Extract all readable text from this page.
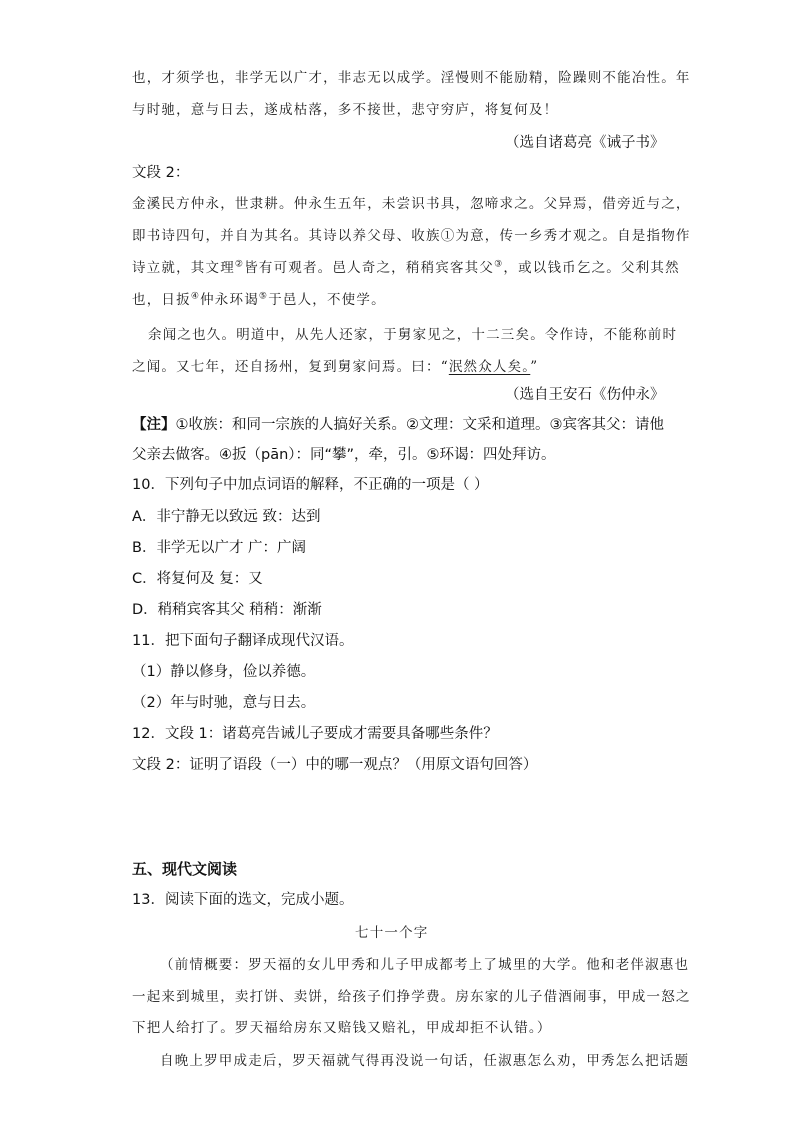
也，才须学也，非学无以广才，非志无以成学。淫慢则不能励精，险躁则不能冶性。年
与时驰，意与日去，遂成枯落，多不接世，悲守穷庐，将复何及！
（选自诸葛亮《诫子书》
文段 2：
金溪民方仲永，世隶耕。仲永生五年，未尝识书具，忽啼求之。父异焉，借旁近与之，
即书诗四句，并自为其名。其诗以养父母、收族①为意，传一乡秀才观之。自是指物作
诗立就，其文理②皆有可观者。邑人奇之，稍稍宾客其父③，或以钱币乞之。父利其然
也，日扳④仲永环谒⑤于邑人，不使学。
余闻之也久。明道中，从先人还家，于舅家见之，十二三矣。令作诗，不能称前时
之闻。又七年，还自扬州，复到舅家问焉。曰：“泯然众人矣。”
（选自王安石《伤仲永》
【注】①收族：和同一宗族的人搞好关系。②文理：文采和道理。③宾客其父：请他
父亲去做客。④扳（pān）：同“攀”，牵，引。⑤环谒：四处拜访。
10．下列句子中加点词语的解释，不正确的一项是（ ）
A．非宁静无以致远 致：达到
B．非学无以广才 广：广阔
C．将复何及 复：又
D．稍稍宾客其父 稍稍：渐渐
11．把下面句子翻译成现代汉语。
（1）静以修身，俭以养德。
（2）年与时驰，意与日去。
12．文段 1：诸葛亮告诫儿子要成才需要具备哪些条件？
文段 2：证明了语段（一）中的哪一观点？（用原文语句回答）
五、现代文阅读
13．阅读下面的选文，完成小题。
七十一个字
（前情概要：罗天福的女儿甲秀和儿子甲成都考上了城里的大学。他和老伴淑惠也
一起来到城里，卖打饼、卖饼，给孩子们挣学费。房东家的儿子借酒闹事，甲成一怒之
下把人给打了。罗天福给房东又赔钱又赔礼，甲成却拒不认错。）
自晚上罗甲成走后，罗天福就气得再没说一句话，任淑惠怎么劝，甲秀怎么把话题
